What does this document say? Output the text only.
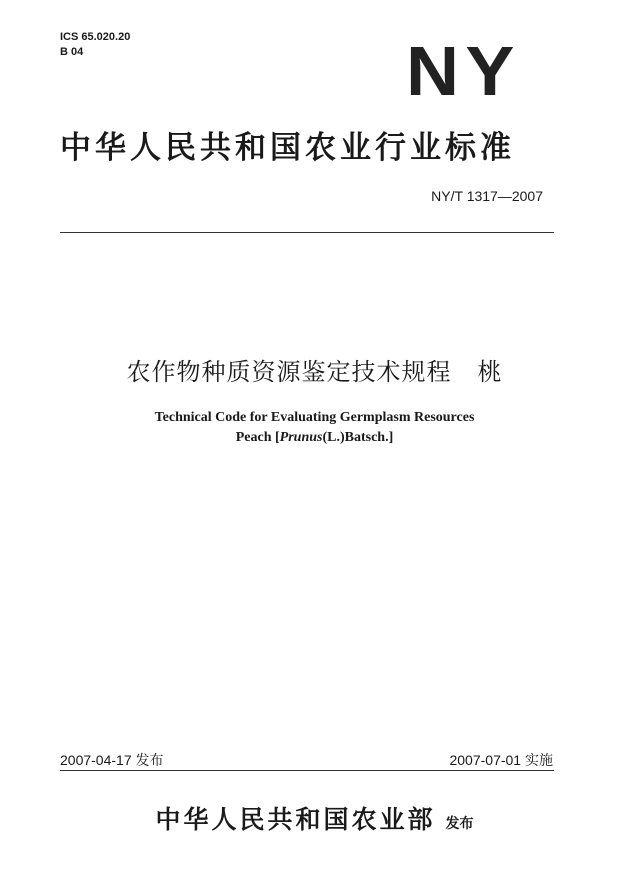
ICS 65.020.20
B 04	NY
中华人民共和国农业行业标准
NY/T 1317—2007
农作物种质资源鉴定技术规程 桃
Technical Code for Evaluating Germplasm Resources
Peach [Prunus(L.)Batsch.]
2007-04-17 发布	2007-07-01 实施
中华人民共和国农业部 发布
